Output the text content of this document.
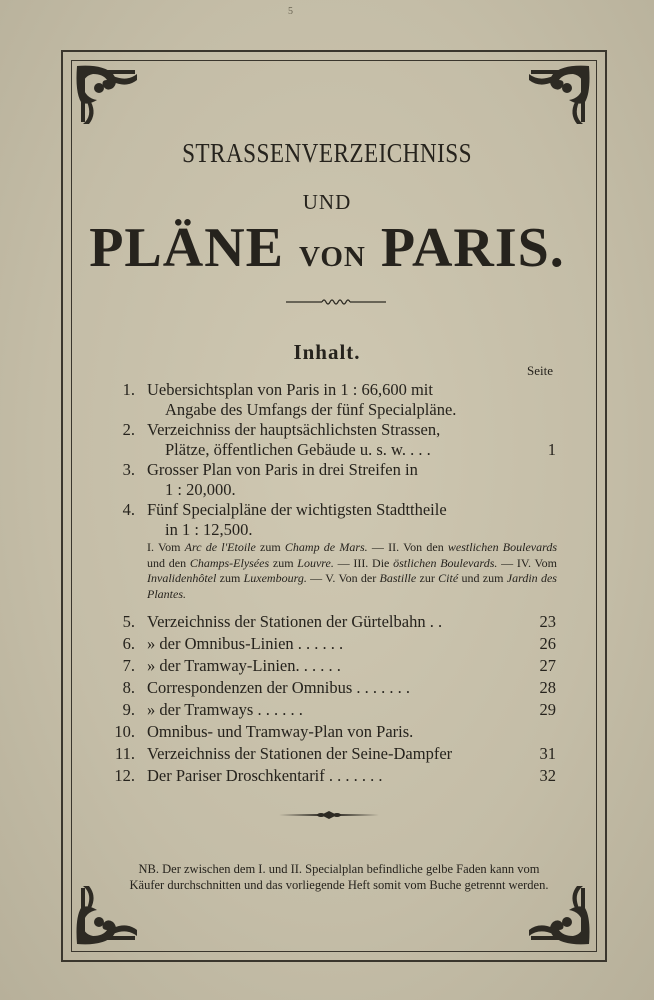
5
STRASSENVERZEICHNISS
UND
PLÄNE VON PARIS.
Inhalt.
Seite
1. Uebersichtsplan von Paris in 1 : 66,600 mit
Angabe des Umfangs der fünf Specialpläne.
2. Verzeichniss der hauptsächlichsten Strassen,
Plätze, öffentlichen Gebäude u. s. w. . . .	1
3. Grosser Plan von Paris in drei Streifen in
1 : 20,000.
4. Fünf Specialpläne der wichtigsten Stadttheile
in 1 : 12,500.
5. Verzeichniss der Stationen der Gürtelbahn . .	23
6. » der Omnibus-Linien . . . . . .	26
7. » der Tramway-Linien. . . . . .	27
8. Correspondenzen der Omnibus . . . . . . .	28
9. » der Tramways . . . . . .	29
10. Omnibus- und Tramway-Plan von Paris.
11. Verzeichniss der Stationen der Seine-Dampfer	31
12. Der Pariser Droschkentarif . . . . . . .	32
I. Vom Arc de l'Etoile zum Champ de Mars. — II. Von den westlichen Boulevards und den Champs-Elysées zum Louvre. — III. Die östlichen Boulevards. — IV. Vom Invalidenhôtel zum Luxembourg. — V. Von der Bastille zur Cité und zum Jardin des Plantes.
NB. Der zwischen dem I. und II. Specialplan befindliche gelbe Faden kann vom Käufer durchschnitten und das vorliegende Heft somit vom Buche getrennt werden.
